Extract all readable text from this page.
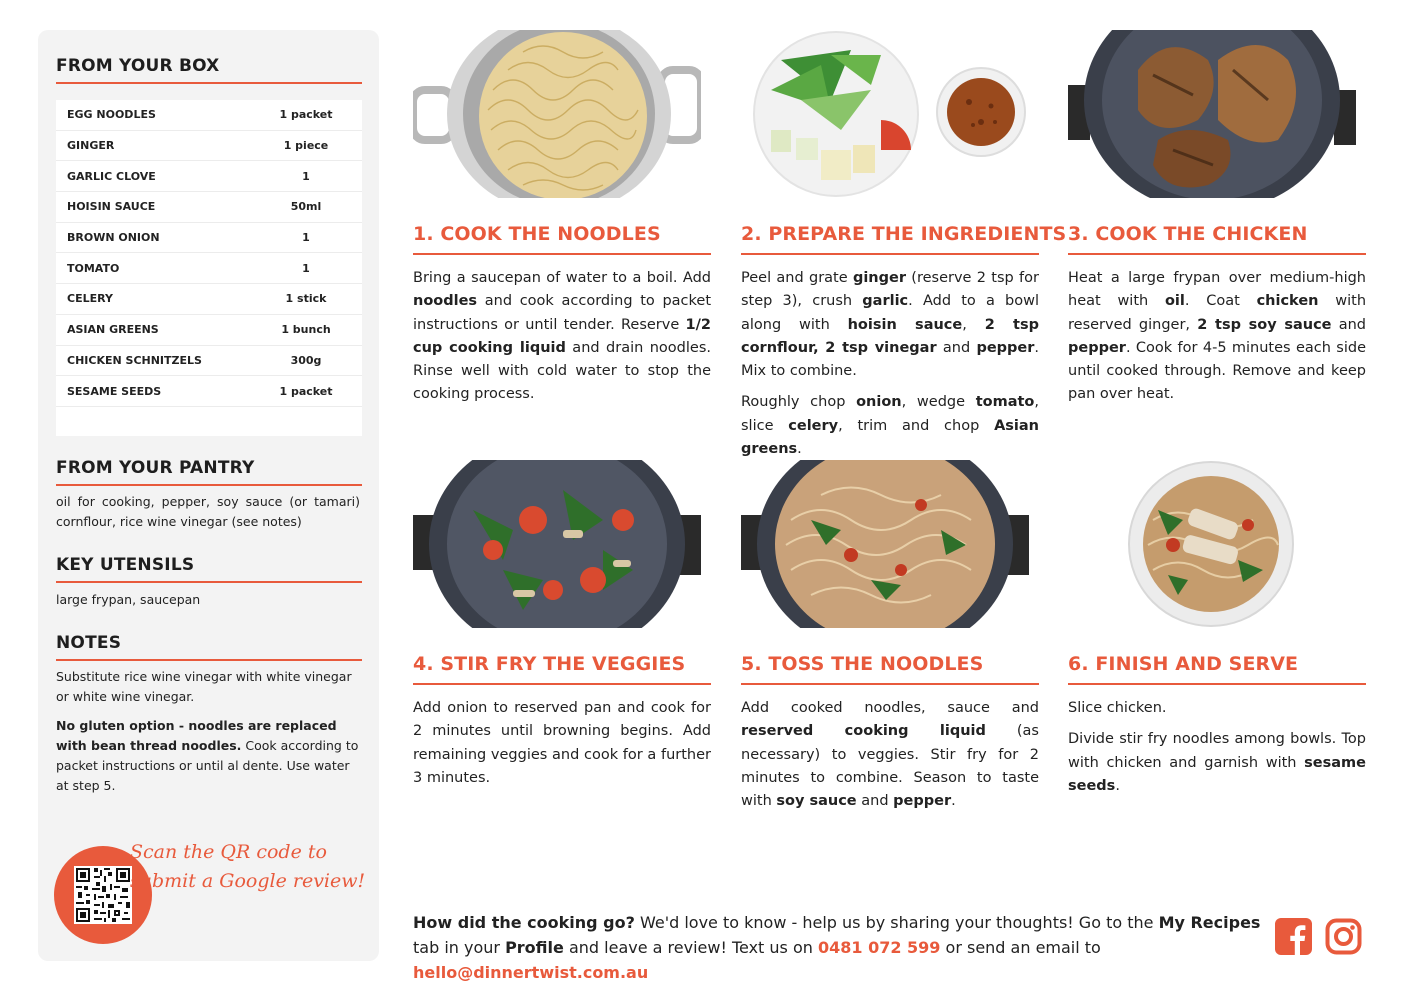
FROM YOUR BOX
EGG NOODLES	1 packet
GINGER	1 piece
GARLIC CLOVE	1
HOISIN SAUCE	50ml
BROWN ONION	1
TOMATO	1
CELERY	1 stick
ASIAN GREENS	1 bunch
CHICKEN SCHNITZELS	300g
SESAME SEEDS	1 packet
FROM YOUR PANTRY
oil for cooking, pepper, soy sauce (or tamari) cornflour, rice wine vinegar (see notes)
KEY UTENSILS
large frypan, saucepan
NOTES
Substitute rice wine vinegar with white vinegar or white wine vinegar.
No gluten option - noodles are replaced with bean thread noodles. Cook according to packet instructions or until al dente. Use water at step 5.
Scan the QR code to
submit a Google review!
1. COOK THE NOODLES	2. PREPARE THE INGREDIENTS 3. COOK THE CHICKEN

Bring a saucepan of water to a boil. Add noodles and cook according to packet instructions or until tender. Reserve 1/2 cup cooking liquid and drain noodles. Rinse well with cold water to stop the cooking process.

Peel and grate ginger (reserve 2 tsp for step 3), crush garlic. Add to a bowl along with hoisin sauce, 2 tsp cornflour, 2 tsp vinegar and pepper. Mix to combine.

Roughly chop onion, wedge tomato, slice celery, trim and chop Asian greens.

Heat a large frypan over medium-high heat with oil. Coat chicken with reserved ginger, 2 tsp soy sauce and pepper. Cook for 4-5 minutes each side until cooked through. Remove and keep pan over heat.

4. STIR FRY THE VEGGIES	5. TOSS THE NOODLES	6. FINISH AND SERVE

Add onion to reserved pan and cook for 2 minutes until browning begins. Add remaining veggies and cook for a further 3 minutes.

Add cooked noodles, sauce and reserved cooking liquid (as necessary) to veggies. Stir fry for 2 minutes to combine. Season to taste with soy sauce and pepper.

Slice chicken.

Divide stir fry noodles among bowls. Top with chicken and garnish with sesame seeds.

How did the cooking go? We'd love to know - help us by sharing your thoughts! Go to the My Recipes tab in your Profile and leave a review! Text us on 0481 072 599 or send an email to hello@dinnertwist.com.au
